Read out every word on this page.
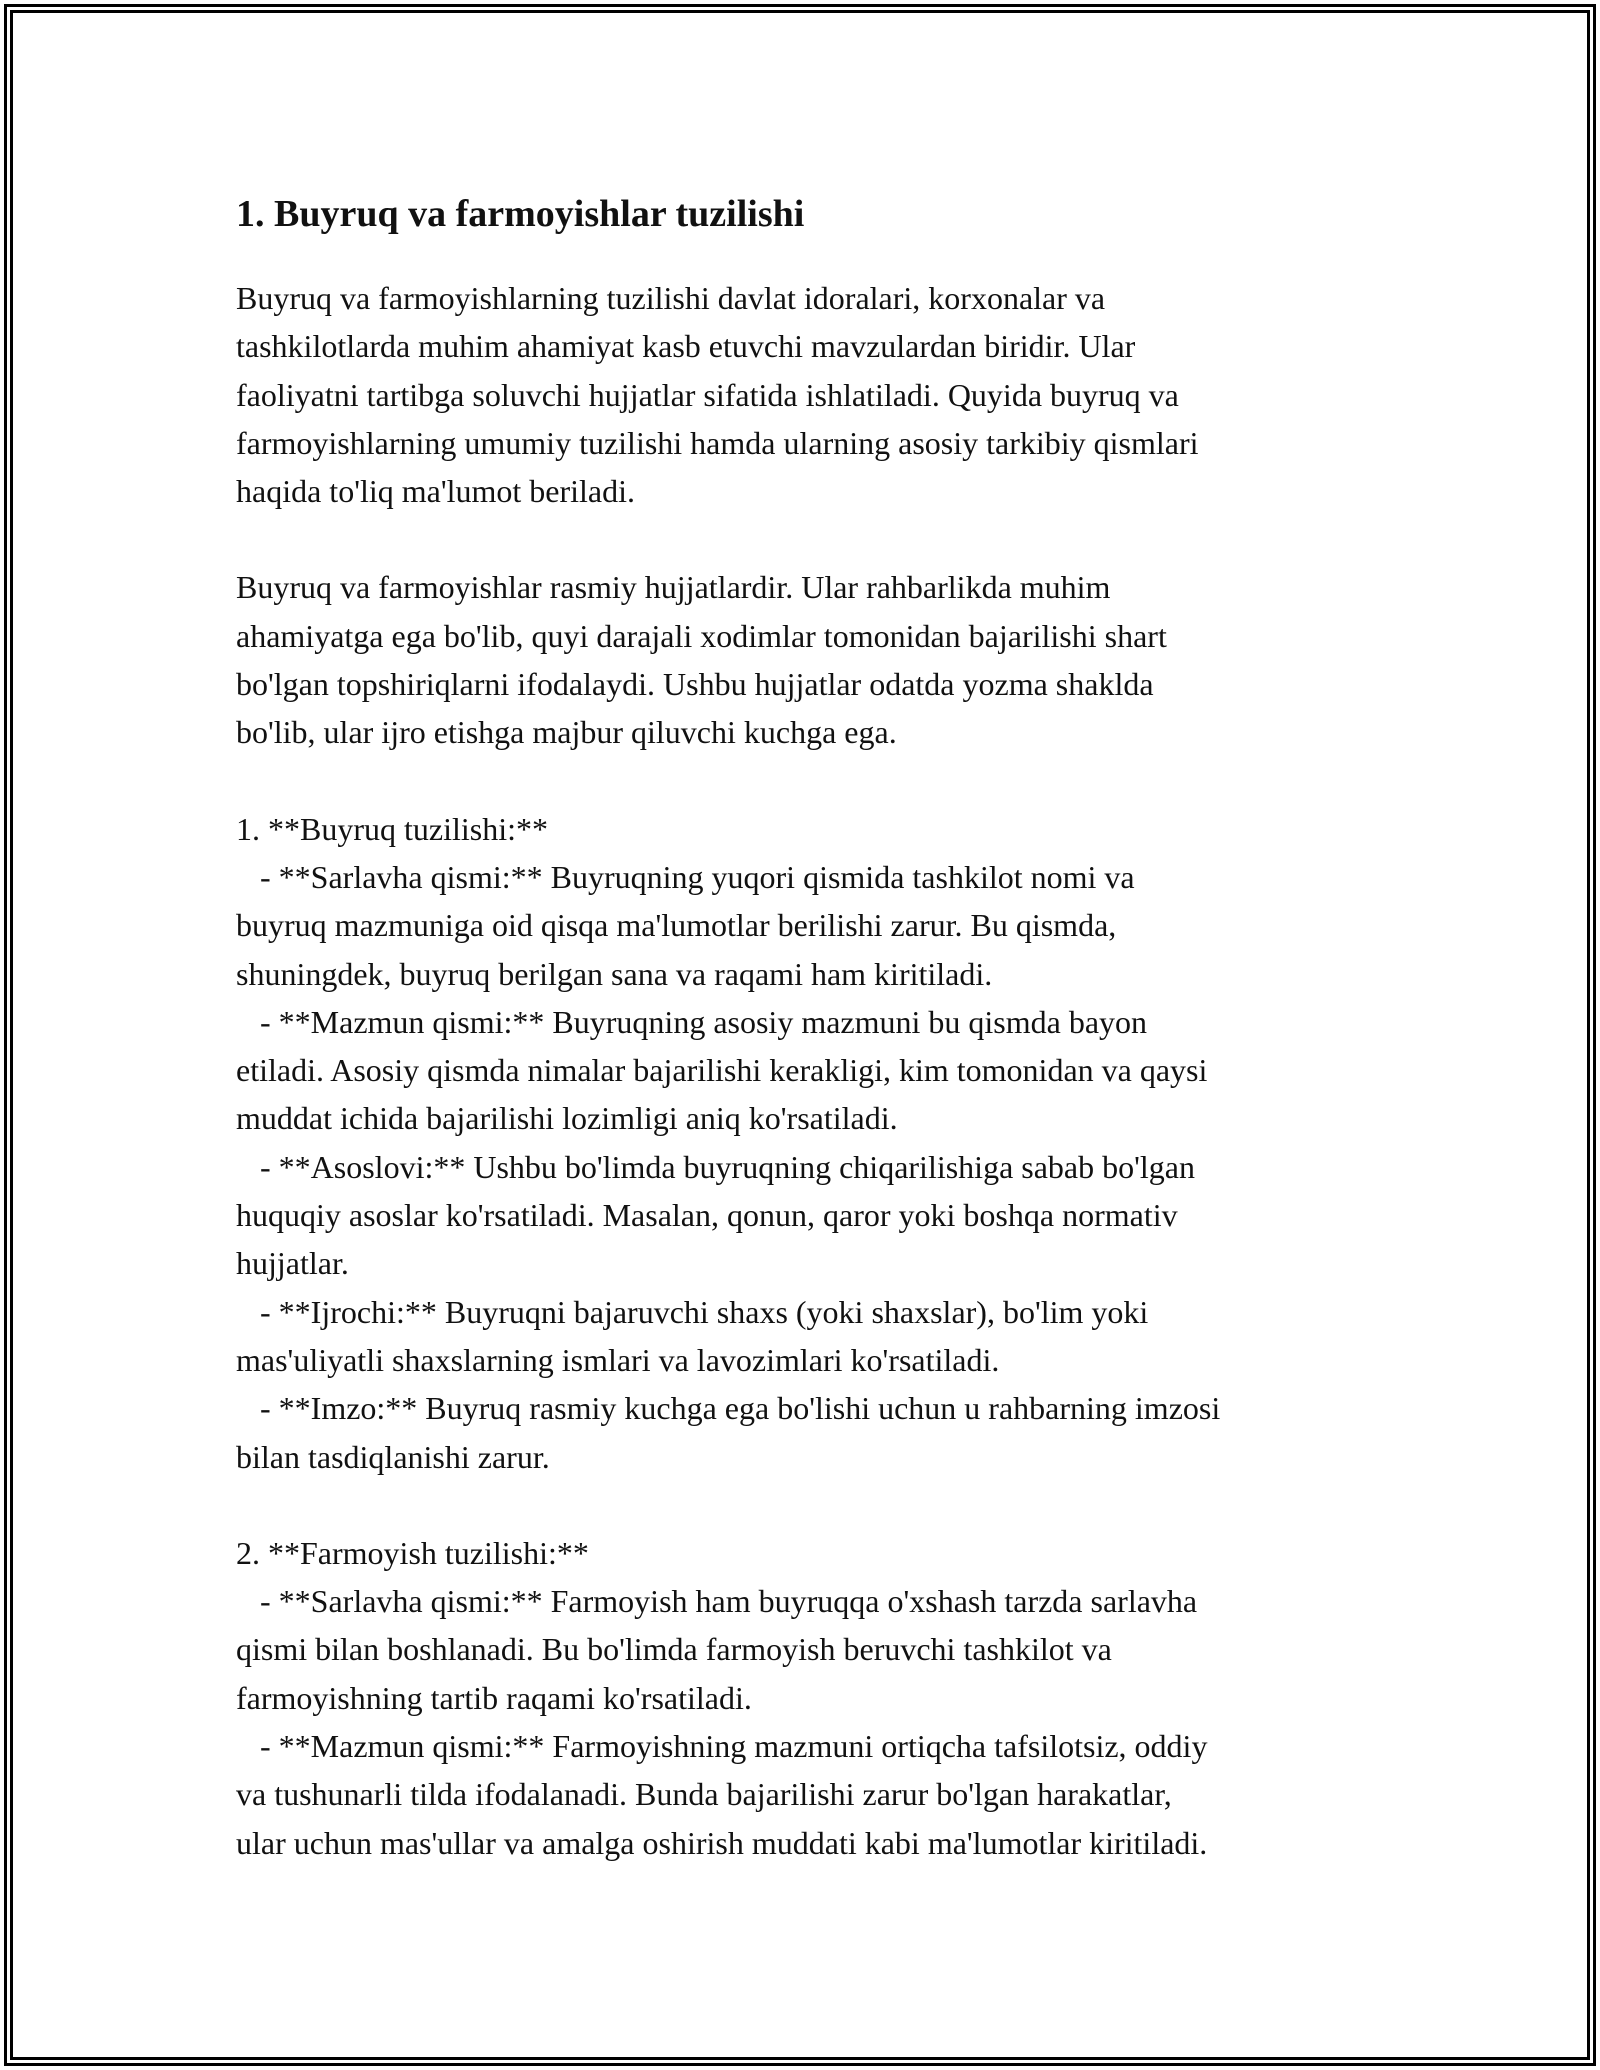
1. Buyruq va farmoyishlar tuzilishi

Buyruq va farmoyishlarning tuzilishi davlat idoralari, korxonalar va
tashkilotlarda muhim ahamiyat kasb etuvchi mavzulardan biridir. Ular
faoliyatni tartibga soluvchi hujjatlar sifatida ishlatiladi. Quyida buyruq va
farmoyishlarning umumiy tuzilishi hamda ularning asosiy tarkibiy qismlari
haqida to'liq ma'lumot beriladi.

Buyruq va farmoyishlar rasmiy hujjatlardir. Ular rahbarlikda muhim
ahamiyatga ega bo'lib, quyi darajali xodimlar tomonidan bajarilishi shart
bo'lgan topshiriqlarni ifodalaydi. Ushbu hujjatlar odatda yozma shaklda
bo'lib, ular ijro etishga majbur qiluvchi kuchga ega.

1. **Buyruq tuzilishi:**
- **Sarlavha qismi:** Buyruqning yuqori qismida tashkilot nomi va
buyruq mazmuniga oid qisqa ma'lumotlar berilishi zarur. Bu qismda,
shuningdek, buyruq berilgan sana va raqami ham kiritiladi.
- **Mazmun qismi:** Buyruqning asosiy mazmuni bu qismda bayon
etiladi. Asosiy qismda nimalar bajarilishi kerakligi, kim tomonidan va qaysi
muddat ichida bajarilishi lozimligi aniq ko'rsatiladi.
- **Asoslovi:** Ushbu bo'limda buyruqning chiqarilishiga sabab bo'lgan
huquqiy asoslar ko'rsatiladi. Masalan, qonun, qaror yoki boshqa normativ
hujjatlar.
- **Ijrochi:** Buyruqni bajaruvchi shaxs (yoki shaxslar), bo'lim yoki
mas'uliyatli shaxslarning ismlari va lavozimlari ko'rsatiladi.
- **Imzo:** Buyruq rasmiy kuchga ega bo'lishi uchun u rahbarning imzosi
bilan tasdiqlanishi zarur.

2. **Farmoyish tuzilishi:**
- **Sarlavha qismi:** Farmoyish ham buyruqqa o'xshash tarzda sarlavha
qismi bilan boshlanadi. Bu bo'limda farmoyish beruvchi tashkilot va
farmoyishning tartib raqami ko'rsatiladi.
- **Mazmun qismi:** Farmoyishning mazmuni ortiqcha tafsilotsiz, oddiy
va tushunarli tilda ifodalanadi. Bunda bajarilishi zarur bo'lgan harakatlar,
ular uchun mas'ullar va amalga oshirish muddati kabi ma'lumotlar kiritiladi.
